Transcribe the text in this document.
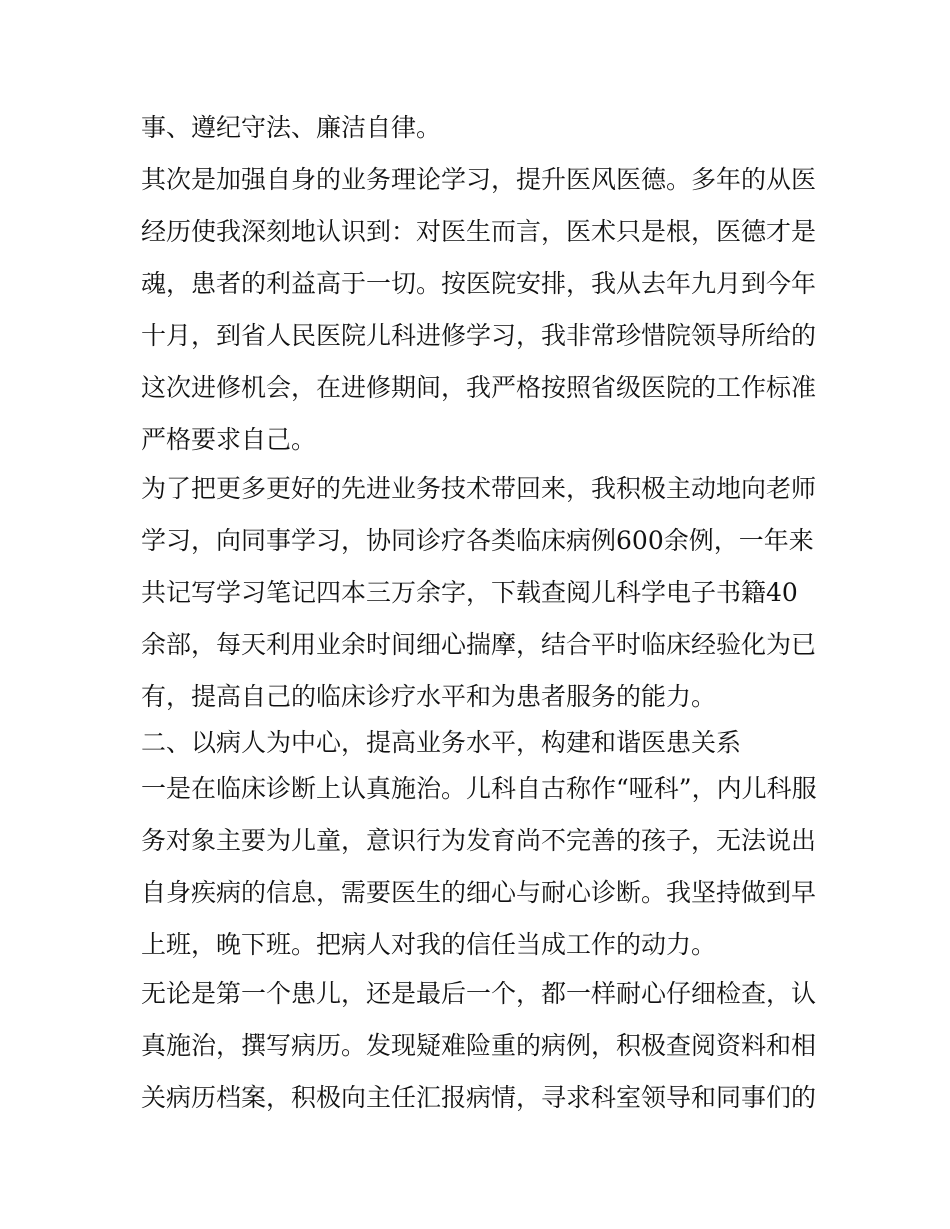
事、遵纪守法、廉洁自律。
其次是加强自身的业务理论学习，提升医风医德。多年的从医
经历使我深刻地认识到：对医生而言，医术只是根，医德才是
魂，患者的利益高于一切。按医院安排，我从去年九月到今年
十月，到省人民医院儿科进修学习，我非常珍惜院领导所给的
这次进修机会，在进修期间，我严格按照省级医院的工作标准
严格要求自己。
为了把更多更好的先进业务技术带回来，我积极主动地向老师
学习，向同事学习，协同诊疗各类临床病例600余例，一年来
共记写学习笔记四本三万余字，下载查阅儿科学电子书籍40
余部，每天利用业余时间细心揣摩，结合平时临床经验化为已
有，提高自己的临床诊疗水平和为患者服务的能力。
二、以病人为中心，提高业务水平，构建和谐医患关系
一是在临床诊断上认真施治。儿科自古称作“哑科”，内儿科服
务对象主要为儿童，意识行为发育尚不完善的孩子，无法说出
自身疾病的信息，需要医生的细心与耐心诊断。我坚持做到早
上班，晚下班。把病人对我的信任当成工作的动力。
无论是第一个患儿，还是最后一个，都一样耐心仔细检查，认
真施治，撰写病历。发现疑难险重的病例，积极查阅资料和相
关病历档案，积极向主任汇报病情，寻求科室领导和同事们的
